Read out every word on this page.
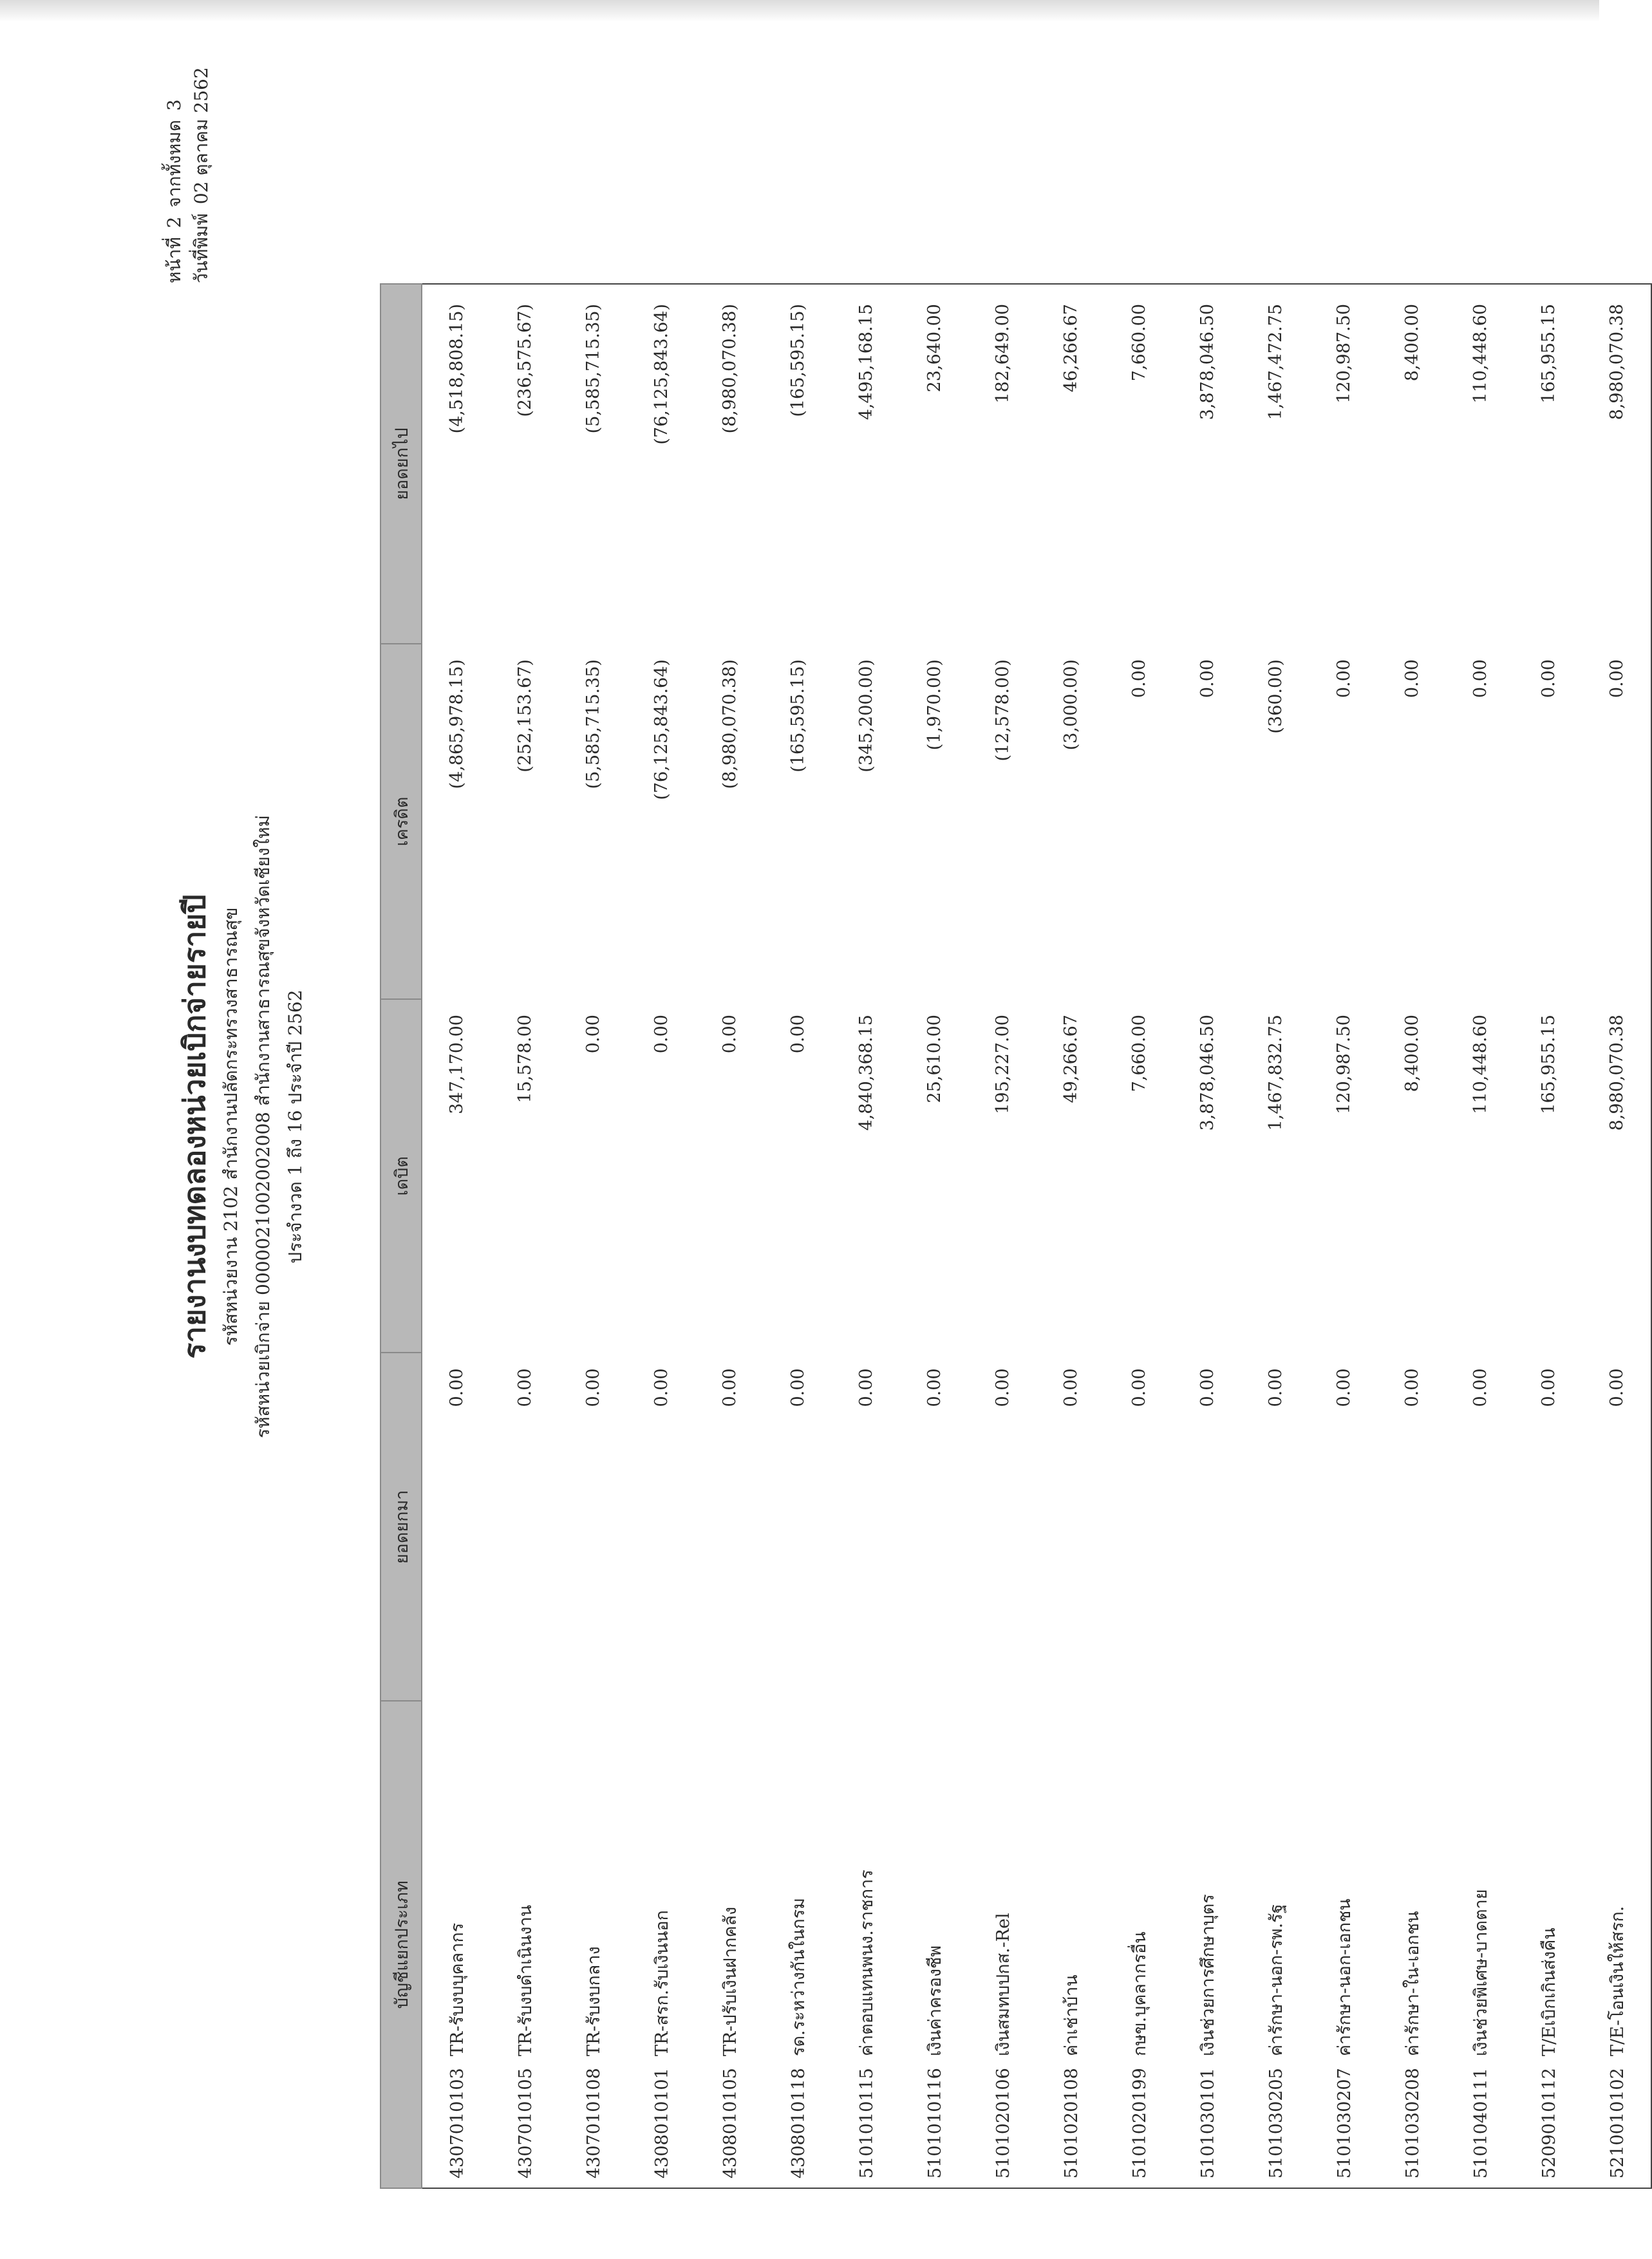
หน้าที่
2
จากทั้งหมด
3
วันที่พิมพ์
02 ตุลาคม 2562
รายงานงบทดลองหน่วยเบิกจ่ายรายปี รหัสหน่วยงาน 2102 สำนักงานปลัดกระทรวงสาธารณสุข รหัสหน่วยเบิกจ่าย 0000021002002008 สำนักงานสาธารณสุขจังหวัดเชียงใหม่ ประจำงวด 1 ถึง 16 ประจำปี 2562
บัญชีแยกประเภท	ยอดยกมา	เดบิต	เครดิต	ยอดยกไป
4307010103TR-รับงบบุคลากร	0.00	347,170.00	(4,865,978.15)	(4,518,808.15)
4307010105TR-รับงบดำเนินงาน	0.00	15,578.00	(252,153.67)	(236,575.67)
4307010108TR-รับงบกลาง	0.00	0.00	(5,585,715.35)	(5,585,715.35)
4308010101TR-สรก.รับเงินนอก	0.00	0.00	(76,125,843.64)	(76,125,843.64)
4308010105TR-ปรับเงินฝากคลัง	0.00	0.00	(8,980,070.38)	(8,980,070.38)
4308010118รด.ระหว่างกันในกรม	0.00	0.00	(165,595.15)	(165,595.15)
5101010115ค่าตอบแทนพนง.ราชการ	0.00	4,840,368.15	(345,200.00)	4,495,168.15
5101010116เงินค่าครองชีพ	0.00	25,610.00	(1,970.00)	23,640.00
5101020106เงินสมทบปกส.-Rel	0.00	195,227.00	(12,578.00)	182,649.00
5101020108ค่าเช่าบ้าน	0.00	49,266.67	(3,000.00)	46,266.67
5101020199กษข.บุคลากรอื่น	0.00	7,660.00	0.00	7,660.00
5101030101เงินช่วยการศึกษาบุตร	0.00	3,878,046.50	0.00	3,878,046.50
5101030205ค่ารักษา-นอก-รพ.รัฐ	0.00	1,467,832.75	(360.00)	1,467,472.75
5101030207ค่ารักษา-นอก-เอกชน	0.00	120,987.50	0.00	120,987.50
5101030208ค่ารักษา-ใน-เอกชน	0.00	8,400.00	0.00	8,400.00
5101040111เงินช่วยพิเศษ-บาดตาย	0.00	110,448.60	0.00	110,448.60
5209010112T/Eเบิกเกินส่งคืน	0.00	165,955.15	0.00	165,955.15
5210010102T/E-โอนเงินให้สรก.	0.00	8,980,070.38	0.00	8,980,070.38
